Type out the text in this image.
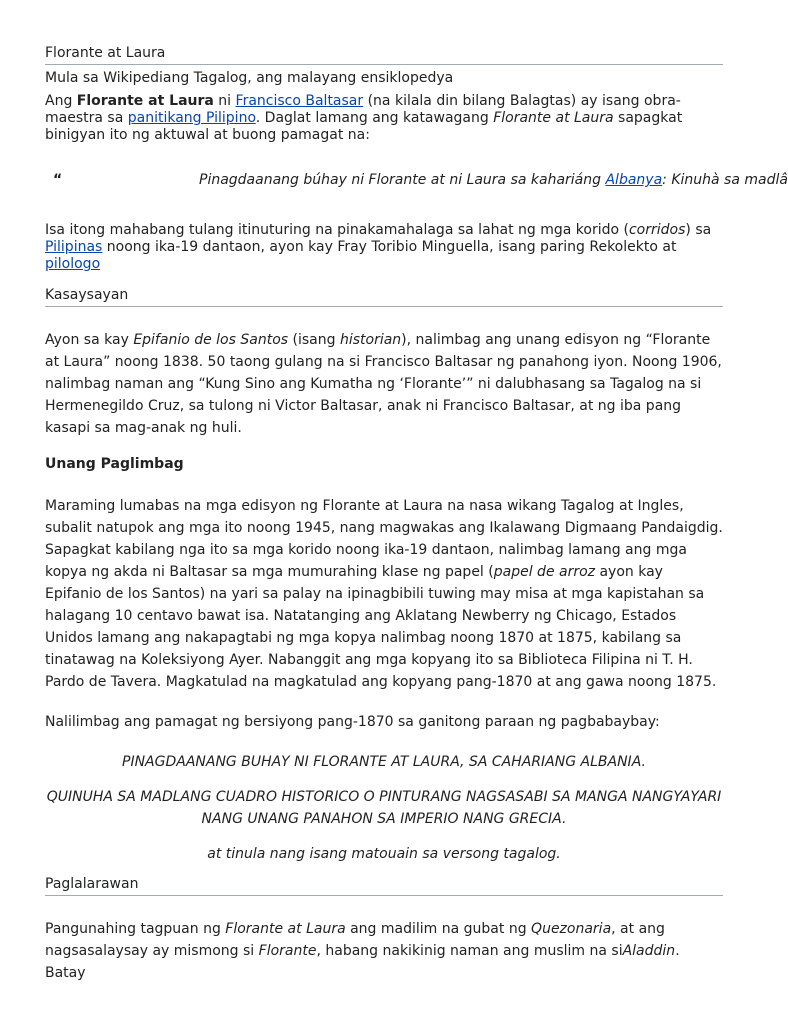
Florante at Laura

Mula sa Wikipediang Tagalog, ang malayang ensiklopedya

Ang Florante at Laura ni Francisco Baltasar (na kilala din bilang Balagtas) ay isang obra-maestra sa panitikang Pilipino. Daglat lamang ang katawagang Florante at Laura sapagkat binigyan ito ng aktuwal at buong pamagat na:

“	Pinagdaanang búhay ni Florante at ni Laura sa kahariáng Albanya: Kinuhà sa madlâ

Isa itong mahabang tulang itinuturing na pinakamahalaga sa lahat ng mga korido (corridos) sa Pilipinas noong ika-19 dantaon, ayon kay Fray Toribio Minguella, isang paring Rekolekto at pilologo

Kasaysayan

Ayon sa kay Epifanio de los Santos (isang historian), nalimbag ang unang edisyon ng “Florante at Laura” noong 1838. 50 taong gulang na si Francisco Baltasar ng panahong iyon. Noong 1906, nalimbag naman ang “Kung Sino ang Kumatha ng ‘Florante’” ni dalubhasang sa Tagalog na si Hermenegildo Cruz, sa tulong ni Victor Baltasar, anak ni Francisco Baltasar, at ng iba pang kasapi sa mag-anak ng huli.

Unang Paglimbag

Maraming lumabas na mga edisyon ng Florante at Laura na nasa wikang Tagalog at Ingles, subalit natupok ang mga ito noong 1945, nang magwakas ang Ikalawang Digmaang Pandaigdig. Sapagkat kabilang nga ito sa mga korido noong ika-19 dantaon, nalimbag lamang ang mga kopya ng akda ni Baltasar sa mga mumurahing klase ng papel (papel de arroz ayon kay Epifanio de los Santos) na yari sa palay na ipinagbibili tuwing may misa at mga kapistahan sa halagang 10 centavo bawat isa. Natatanging ang Aklatang Newberry ng Chicago, Estados Unidos lamang ang nakapagtabi ng mga kopya nalimbag noong 1870 at 1875, kabilang sa tinatawag na Koleksiyong Ayer. Nabanggit ang mga kopyang ito sa Biblioteca Filipina ni T. H. Pardo de Tavera. Magkatulad na magkatulad ang kopyang pang-1870 at ang gawa noong 1875.

Nalilimbag ang pamagat ng bersiyong pang-1870 sa ganitong paraan ng pagbabaybay:

PINAGDAANANG BUHAY NI FLORANTE AT LAURA, SA CAHARIANG ALBANIA.

QUINUHA SA MADLANG CUADRO HISTORICO O PINTURANG NAGSASABI SA MANGA NANGYAYARI NANG UNANG PANAHON SA IMPERIO NANG GRECIA.

at tinula nang isang matouain sa versong tagalog.

Paglalarawan

Pangunahing tagpuan ng Florante at Laura ang madilim na gubat ng Quezonaria, at ang nagsasalaysay ay mismong si Florante, habang nakikinig naman ang muslim na siAladdin. Batay
